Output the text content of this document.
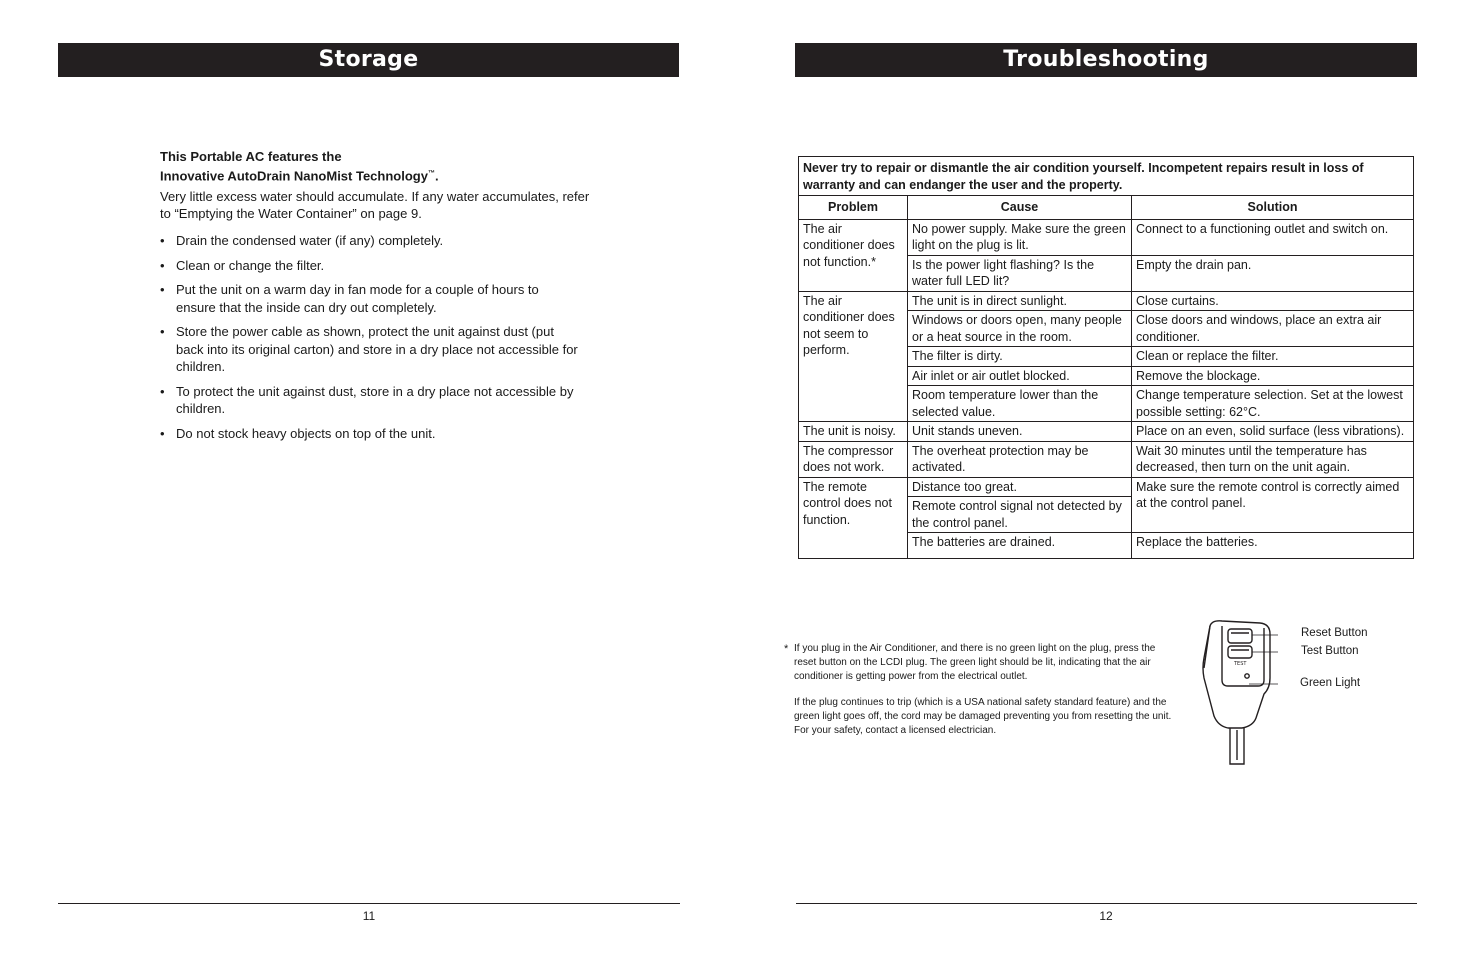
Storage
This Portable AC features the
Innovative AutoDrain NanoMist Technology™.
Very little excess water should accumulate. If any water accumulates, refer to “Emptying the Water Container” on page 9.
• Drain the condensed water (if any) completely.
• Clean or change the filter.
• Put the unit on a warm day in fan mode for a couple of hours to ensure that the inside can dry out completely.
• Store the power cable as shown, protect the unit against dust (put back into its original carton) and store in a dry place not accessible for children.
• To protect the unit against dust, store in a dry place not accessible by children.
• Do not stock heavy objects on top of the unit.
11
Troubleshooting
Never try to repair or dismantle the air condition yourself. Incompetent repairs result in loss of warranty and can endanger the user and the property.		
Problem	Cause	Solution
The air conditioner does not function.*	No power supply. Make sure the green light on the plug is lit.	Connect to a functioning outlet and switch on.
	Is the power light flashing? Is the water full LED lit?	Empty the drain pan.
The air conditioner does not seem to perform.	The unit is in direct sunlight.	Close curtains.
	Windows or doors open, many people or a heat source in the room.	Close doors and windows, place an extra air conditioner.
	The filter is dirty.	Clean or replace the filter.
	Air inlet or air outlet blocked.	Remove the blockage.
	Room temperature lower than the selected value.	Change temperature selection. Set at the lowest possible setting: 62°C.
The unit is noisy.	Unit stands uneven.	Place on an even, solid surface (less vibrations).
The compressor does not work.	The overheat protection may be activated.	Wait 30 minutes until the temperature has decreased, then turn on the unit again.
The remote control does not function.	Distance too great.	Make sure the remote control is correctly aimed at the control panel.
	Remote control signal not detected by the control panel.	
	The batteries are drained.	Replace the batteries.
* If you plug in the Air Conditioner, and there is no green light on the plug, press the reset button on the LCDI plug. The green light should be lit, indicating that the air conditioner is getting power from the electrical outlet.

If the plug continues to trip (which is a USA national safety standard feature) and the green light goes off, the cord may be damaged preventing you from resetting the unit. For your safety, contact a licensed electrician.

TEST
Reset Button
Test Button
Green Light
12
